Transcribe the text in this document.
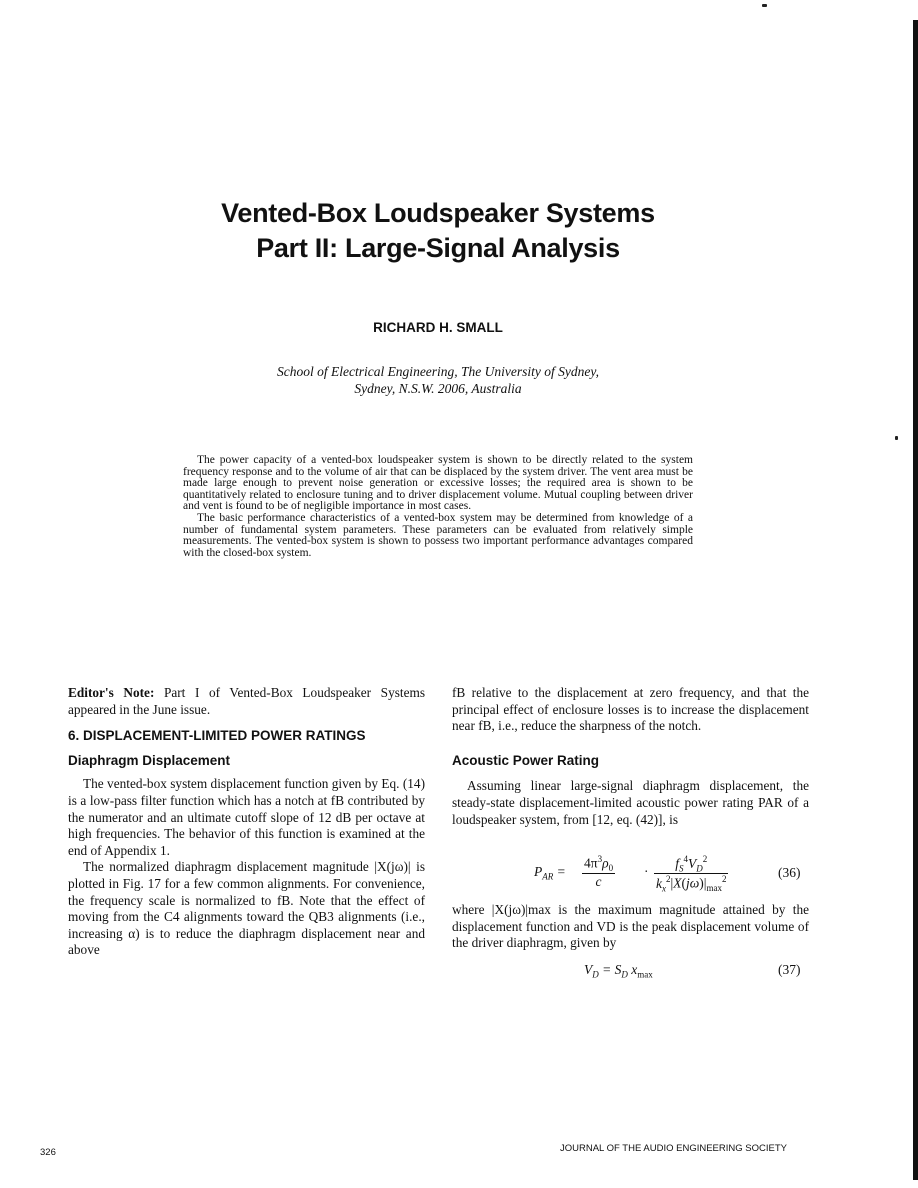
Vented-Box Loudspeaker Systems
Part II: Large-Signal Analysis
RICHARD H. SMALL
School of Electrical Engineering, The University of Sydney,
Sydney, N.S.W. 2006, Australia

The power capacity of a vented-box loudspeaker system is shown to be directly related to the system frequency response and to the volume of air that can be displaced by the system driver. The vent area must be made large enough to prevent noise generation or excessive losses; the required area is shown to be quantitatively related to enclosure tuning and to driver displacement volume. Mutual coupling between driver and vent is found to be of negligible importance in most cases.

The basic performance characteristics of a vented-box system may be determined from knowledge of a number of fundamental system parameters. These parameters can be evaluated from relatively simple measurements. The vented-box system is shown to possess two important performance advantages compared with the closed-box system.

Editor's Note: Part I of Vented-Box Loudspeaker Systems appeared in the June issue.

6. DISPLACEMENT-LIMITED POWER RATINGS
Diaphragm Displacement

The vented-box system displacement function given by Eq. (14) is a low-pass filter function which has a notch at fB contributed by the numerator and an ultimate cutoff slope of 12 dB per octave at high frequencies. The behavior of this function is examined at the end of Appendix 1.

The normalized diaphragm displacement magnitude |X(jω)| is plotted in Fig. 17 for a few common alignments. For convenience, the frequency scale is normalized to fB. Note that the effect of moving from the C4 alignments toward the QB3 alignments (i.e., increasing α) is to reduce the diaphragm displacement near and above

fB relative to the displacement at zero frequency, and that the principal effect of enclosure losses is to increase the displacement near fB, i.e., reduce the sharpness of the notch.

Acoustic Power Rating

Assuming linear large-signal diaphragm displacement, the steady-state displacement-limited acoustic power rating PAR of a loudspeaker system, from [12, eq. (42)], is

$P_{AR} = \frac{4\pi^3\rho_0}{c}$ ·
$f_S^4V_D^2$
$k_x^2|X(j\omega)|_{max}^2$	(36)

where |X(jω)|max is the maximum magnitude attained by the displacement function and VD is the peak displacement volume of the driver diaphragm, given by

$V_D = S_D$ $x_{max}$	(37)
326	JOURNAL OF THE AUDIO ENGINEERING SOCIETY
